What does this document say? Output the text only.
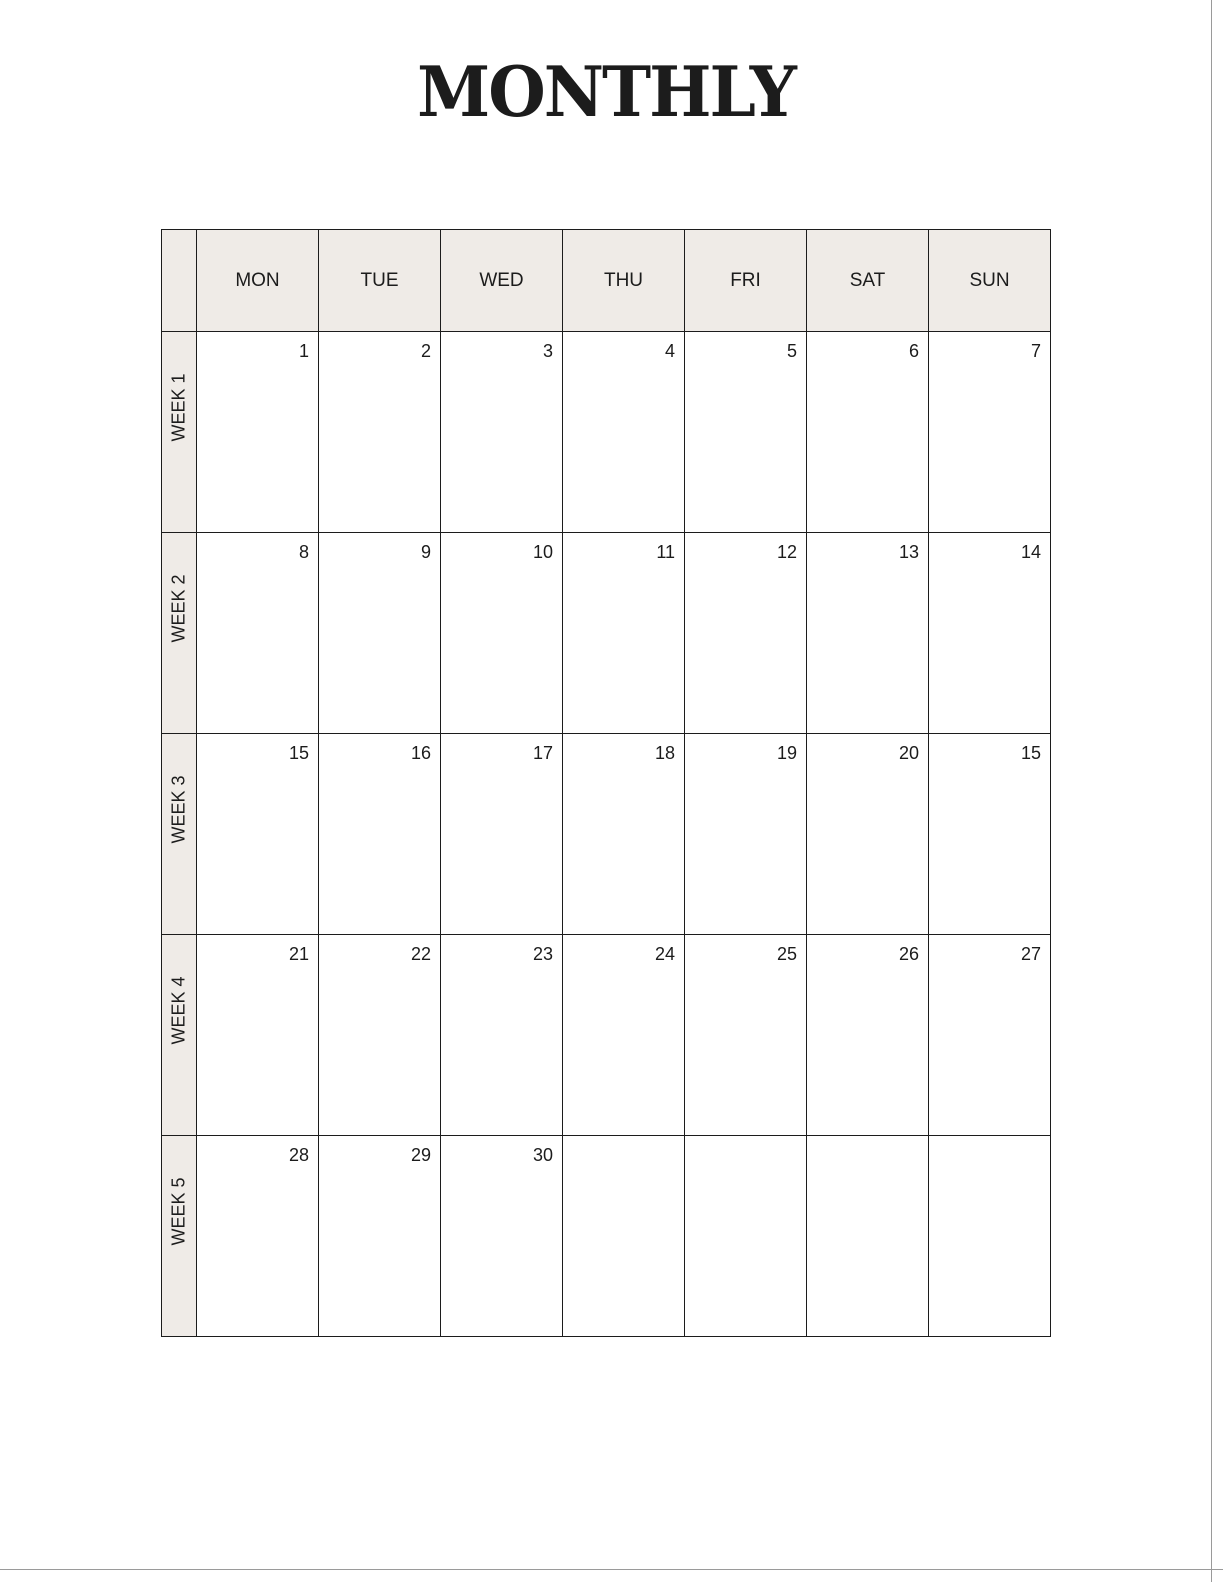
MONTHLY
MON	TUE	WED	THU	FRI	SAT	SUN
WEEK 1
1	2	3	4	5	6	7
WEEK 2
8	9	10	11	12	13	14
WEEK 3
15	16	17	18	19	20	15
WEEK 4
21	22	23	24	25	26	27
WEEK 5
28	29	30
